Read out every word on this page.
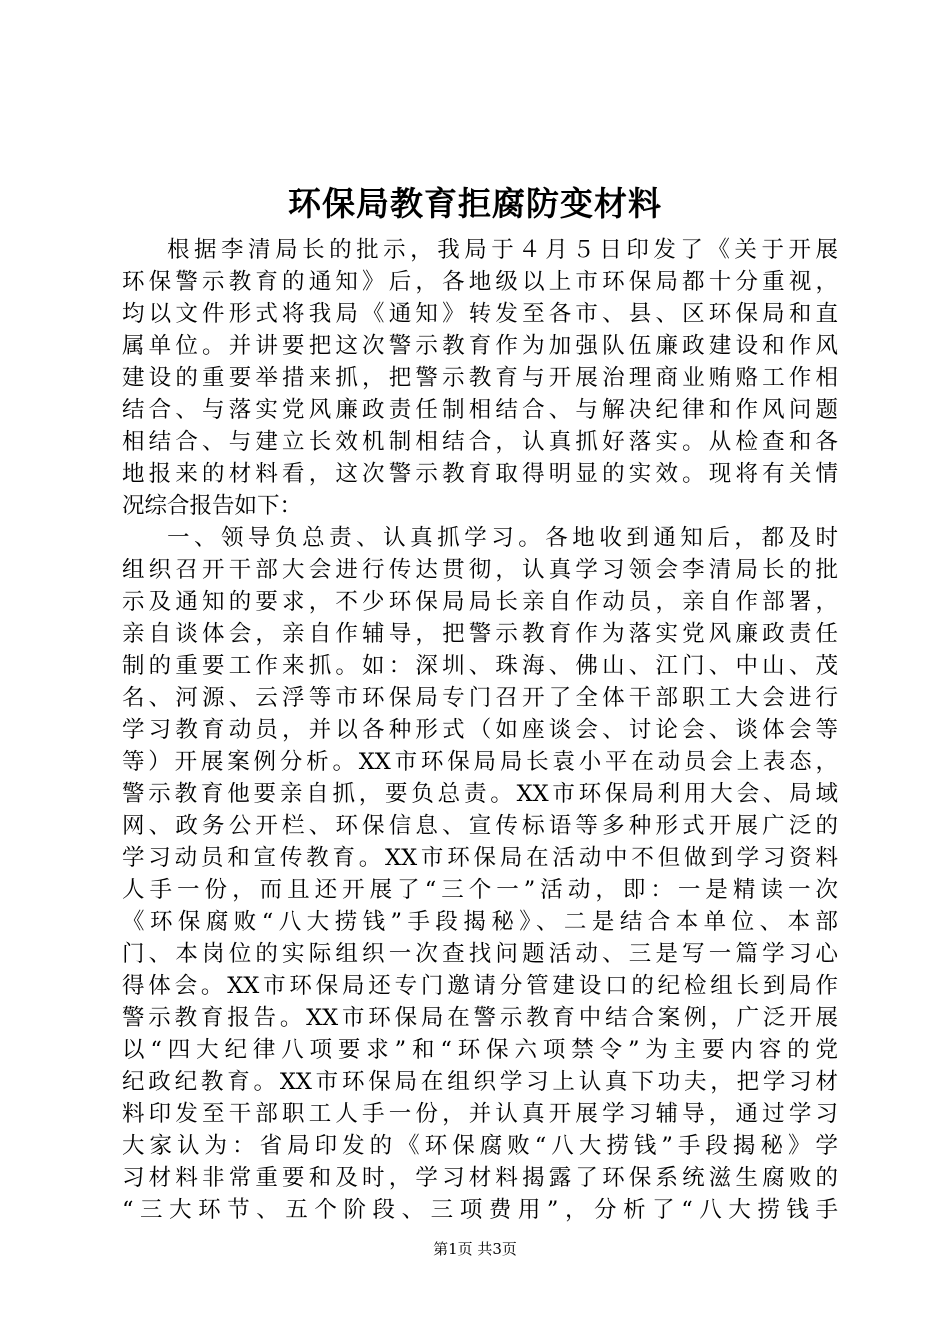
环保局教育拒腐防变材料
根据李清局长的批示，我局于４月５日印发了《关于开展
环保警示教育的通知》后，各地级以上市环保局都十分重视，
均以文件形式将我局《通知》转发至各市、县、区环保局和直
属单位。并讲要把这次警示教育作为加强队伍廉政建设和作风
建设的重要举措来抓，把警示教育与开展治理商业贿赂工作相
结合、与落实党风廉政责任制相结合、与解决纪律和作风问题
相结合、与建立长效机制相结合，认真抓好落实。从检查和各
地报来的材料看，这次警示教育取得明显的实效。现将有关情
况综合报告如下：
一、领导负总责、认真抓学习。各地收到通知后，都及时
组织召开干部大会进行传达贯彻，认真学习领会李清局长的批
示及通知的要求，不少环保局局长亲自作动员，亲自作部署，
亲自谈体会，亲自作辅导，把警示教育作为落实党风廉政责任
制的重要工作来抓。如：深圳、珠海、佛山、江门、中山、茂
名、河源、云浮等市环保局专门召开了全体干部职工大会进行
学习教育动员，并以各种形式（如座谈会、讨论会、谈体会等
等）开展案例分析。XX市环保局局长袁小平在动员会上表态，
警示教育他要亲自抓，要负总责。XX市环保局利用大会、局域
网、政务公开栏、环保信息、宣传标语等多种形式开展广泛的
学习动员和宣传教育。XX市环保局在活动中不但做到学习资料
人手一份，而且还开展了“三个一”活动，即：一是精读一次
《环保腐败“八大捞钱”手段揭秘》、二是结合本单位、本部
门、本岗位的实际组织一次查找问题活动、三是写一篇学习心
得体会。XX市环保局还专门邀请分管建设口的纪检组长到局作
警示教育报告。XX市环保局在警示教育中结合案例，广泛开展
以“四大纪律八项要求”和“环保六项禁令”为主要内容的党
纪政纪教育。XX市环保局在组织学习上认真下功夫，把学习材
料印发至干部职工人手一份，并认真开展学习辅导，通过学习
大家认为：省局印发的《环保腐败“八大捞钱”手段揭秘》学
习材料非常重要和及时，学习材料揭露了环保系统滋生腐败的
“三大环节、五个阶段、三项费用”，分析了“八大捞钱手
第1页 共3页
